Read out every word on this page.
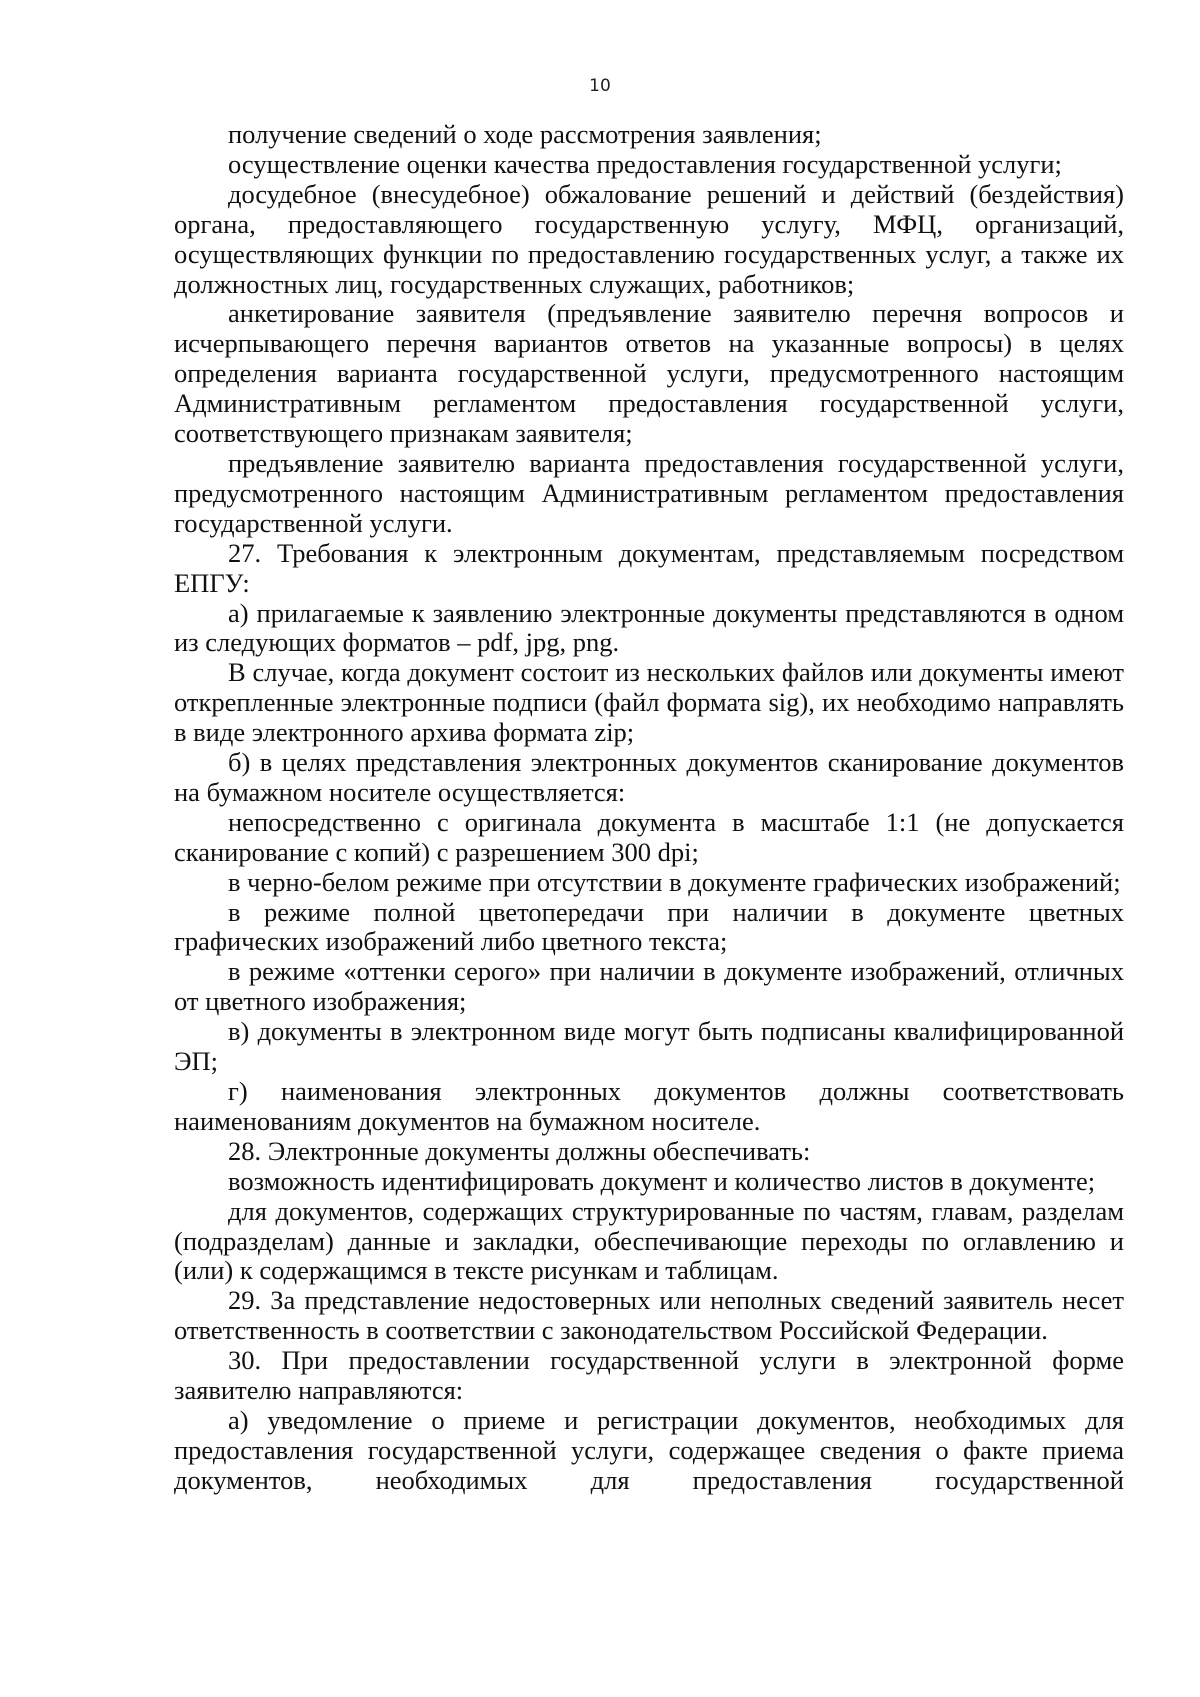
10

получение сведений о ходе рассмотрения заявления;

осуществление оценки качества предоставления государственной услуги;

досудебное (внесудебное) обжалование решений и действий (бездействия) органа, предоставляющего государственную услугу, МФЦ, организаций, осуществляющих функции по предоставлению государственных услуг, а также их должностных лиц, государственных служащих, работников;

анкетирование заявителя (предъявление заявителю перечня вопросов и исчерпывающего перечня вариантов ответов на указанные вопросы) в целях определения варианта государственной услуги, предусмотренного настоящим Административным регламентом предоставления государственной услуги, соответствующего признакам заявителя;

предъявление заявителю варианта предоставления государственной услуги, предусмотренного настоящим Административным регламентом предоставления государственной услуги.

27. Требования к электронным документам, представляемым посредством ЕПГУ:

а) прилагаемые к заявлению электронные документы представляются в одном из следующих форматов – pdf, jpg, png.

В случае, когда документ состоит из нескольких файлов или документы имеют открепленные электронные подписи (файл формата sig), их необходимо направлять в виде электронного архива формата zip;

б) в целях представления электронных документов сканирование документов на бумажном носителе осуществляется:

непосредственно с оригинала документа в масштабе 1:1 (не допускается сканирование с копий) с разрешением 300 dpi;

в черно-белом режиме при отсутствии в документе графических изображений;

в режиме полной цветопередачи при наличии в документе цветных графических изображений либо цветного текста;

в режиме «оттенки серого» при наличии в документе изображений, отличных от цветного изображения;

в) документы в электронном виде могут быть подписаны квалифицированной ЭП;

г) наименования электронных документов должны соответствовать наименованиям документов на бумажном носителе.

28. Электронные документы должны обеспечивать:

возможность идентифицировать документ и количество листов в документе;

для документов, содержащих структурированные по частям, главам, разделам (подразделам) данные и закладки, обеспечивающие переходы по оглавлению и (или) к содержащимся в тексте рисункам и таблицам.

29. За представление недостоверных или неполных сведений заявитель несет ответственность в соответствии с законодательством Российской Федерации.

30. При предоставлении государственной услуги в электронной форме заявителю направляются:

а) уведомление о приеме и регистрации документов, необходимых для предоставления государственной услуги, содержащее сведения о факте приема документов, необходимых для предоставления государственной
